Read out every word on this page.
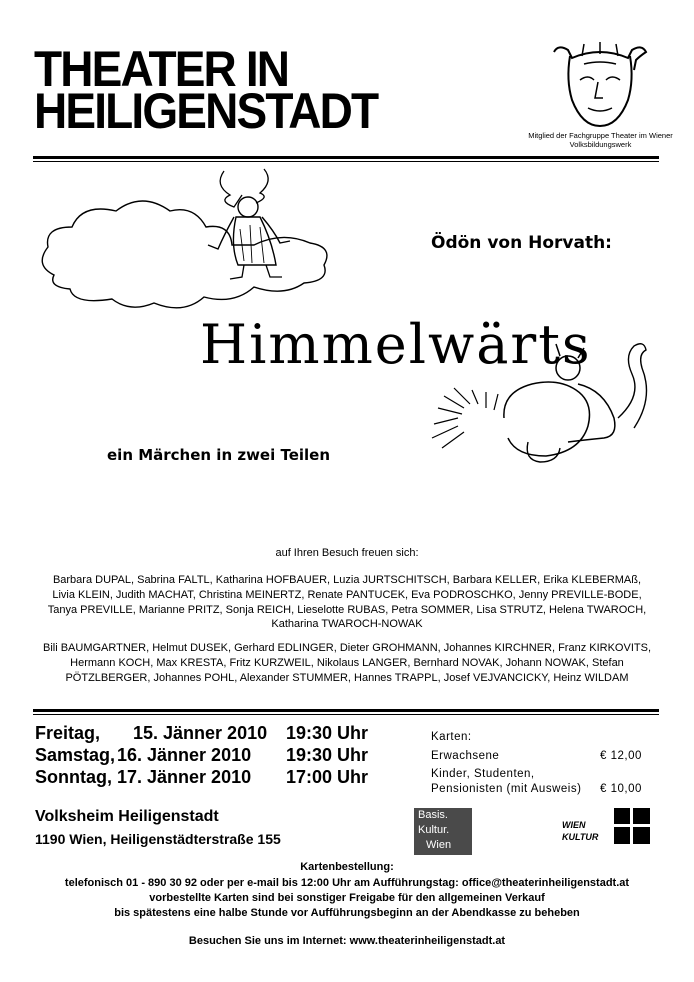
THEATER IN
HEILIGENSTADT	Mitglied der Fachgruppe Theater im Wiener Volksbildungswerk
Ödön von Horvath:
Himmelwärts
ein Märchen in zwei Teilen
auf Ihren Besuch freuen sich:
Barbara DUPAL, Sabrina FALTL, Katharina HOFBAUER, Luzia JURTSCHITSCH, Barbara KELLER, Erika KLEBERMAß, Livia KLEIN, Judith MACHAT, Christina MEINERTZ, Renate PANTUCEK, Eva PODROSCHKO, Jenny PREVILLE-BODE, Tanya PREVILLE, Marianne PRITZ, Sonja REICH, Lieselotte RUBAS, Petra SOMMER, Lisa STRUTZ, Helena TWAROCH, Katharina TWAROCH-NOWAK
Bili BAUMGARTNER, Helmut DUSEK, Gerhard EDLINGER, Dieter GROHMANN, Johannes KIRCHNER, Franz KIRKOVITS, Hermann KOCH, Max KRESTA, Fritz KURZWEIL, Nikolaus LANGER, Bernhard NOVAK, Johann NOWAK, Stefan PÖTZLBERGER, Johannes POHL, Alexander STUMMER, Hannes TRAPPL, Josef VEJVANCICKY, Heinz WILDAM
Freitag, 15. Jänner 2010 19:30 Uhr
Samstag, 16. Jänner 2010 19:30 Uhr
Sonntag, 17. Jänner 2010 17:00 Uhr
Karten:
Erwachsene	€ 12,00
Kinder, Studenten,
Pensionisten (mit Ausweis) € 10,00
Volksheim Heiligenstadt
1190 Wien, Heiligenstädterstraße 155
Basis.
Kultur.
Wien
WIEN
KULTUR
Kartenbestellung:
telefonisch 01 - 890 30 92 oder per e-mail bis 12:00 Uhr am Aufführungstag: office@theaterinheiligenstadt.at
vorbestellte Karten sind bei sonstiger Freigabe für den allgemeinen Verkauf
bis spätestens eine halbe Stunde vor Aufführungsbeginn an der Abendkasse zu beheben
Besuchen Sie uns im Internet: www.theaterinheiligenstadt.at
